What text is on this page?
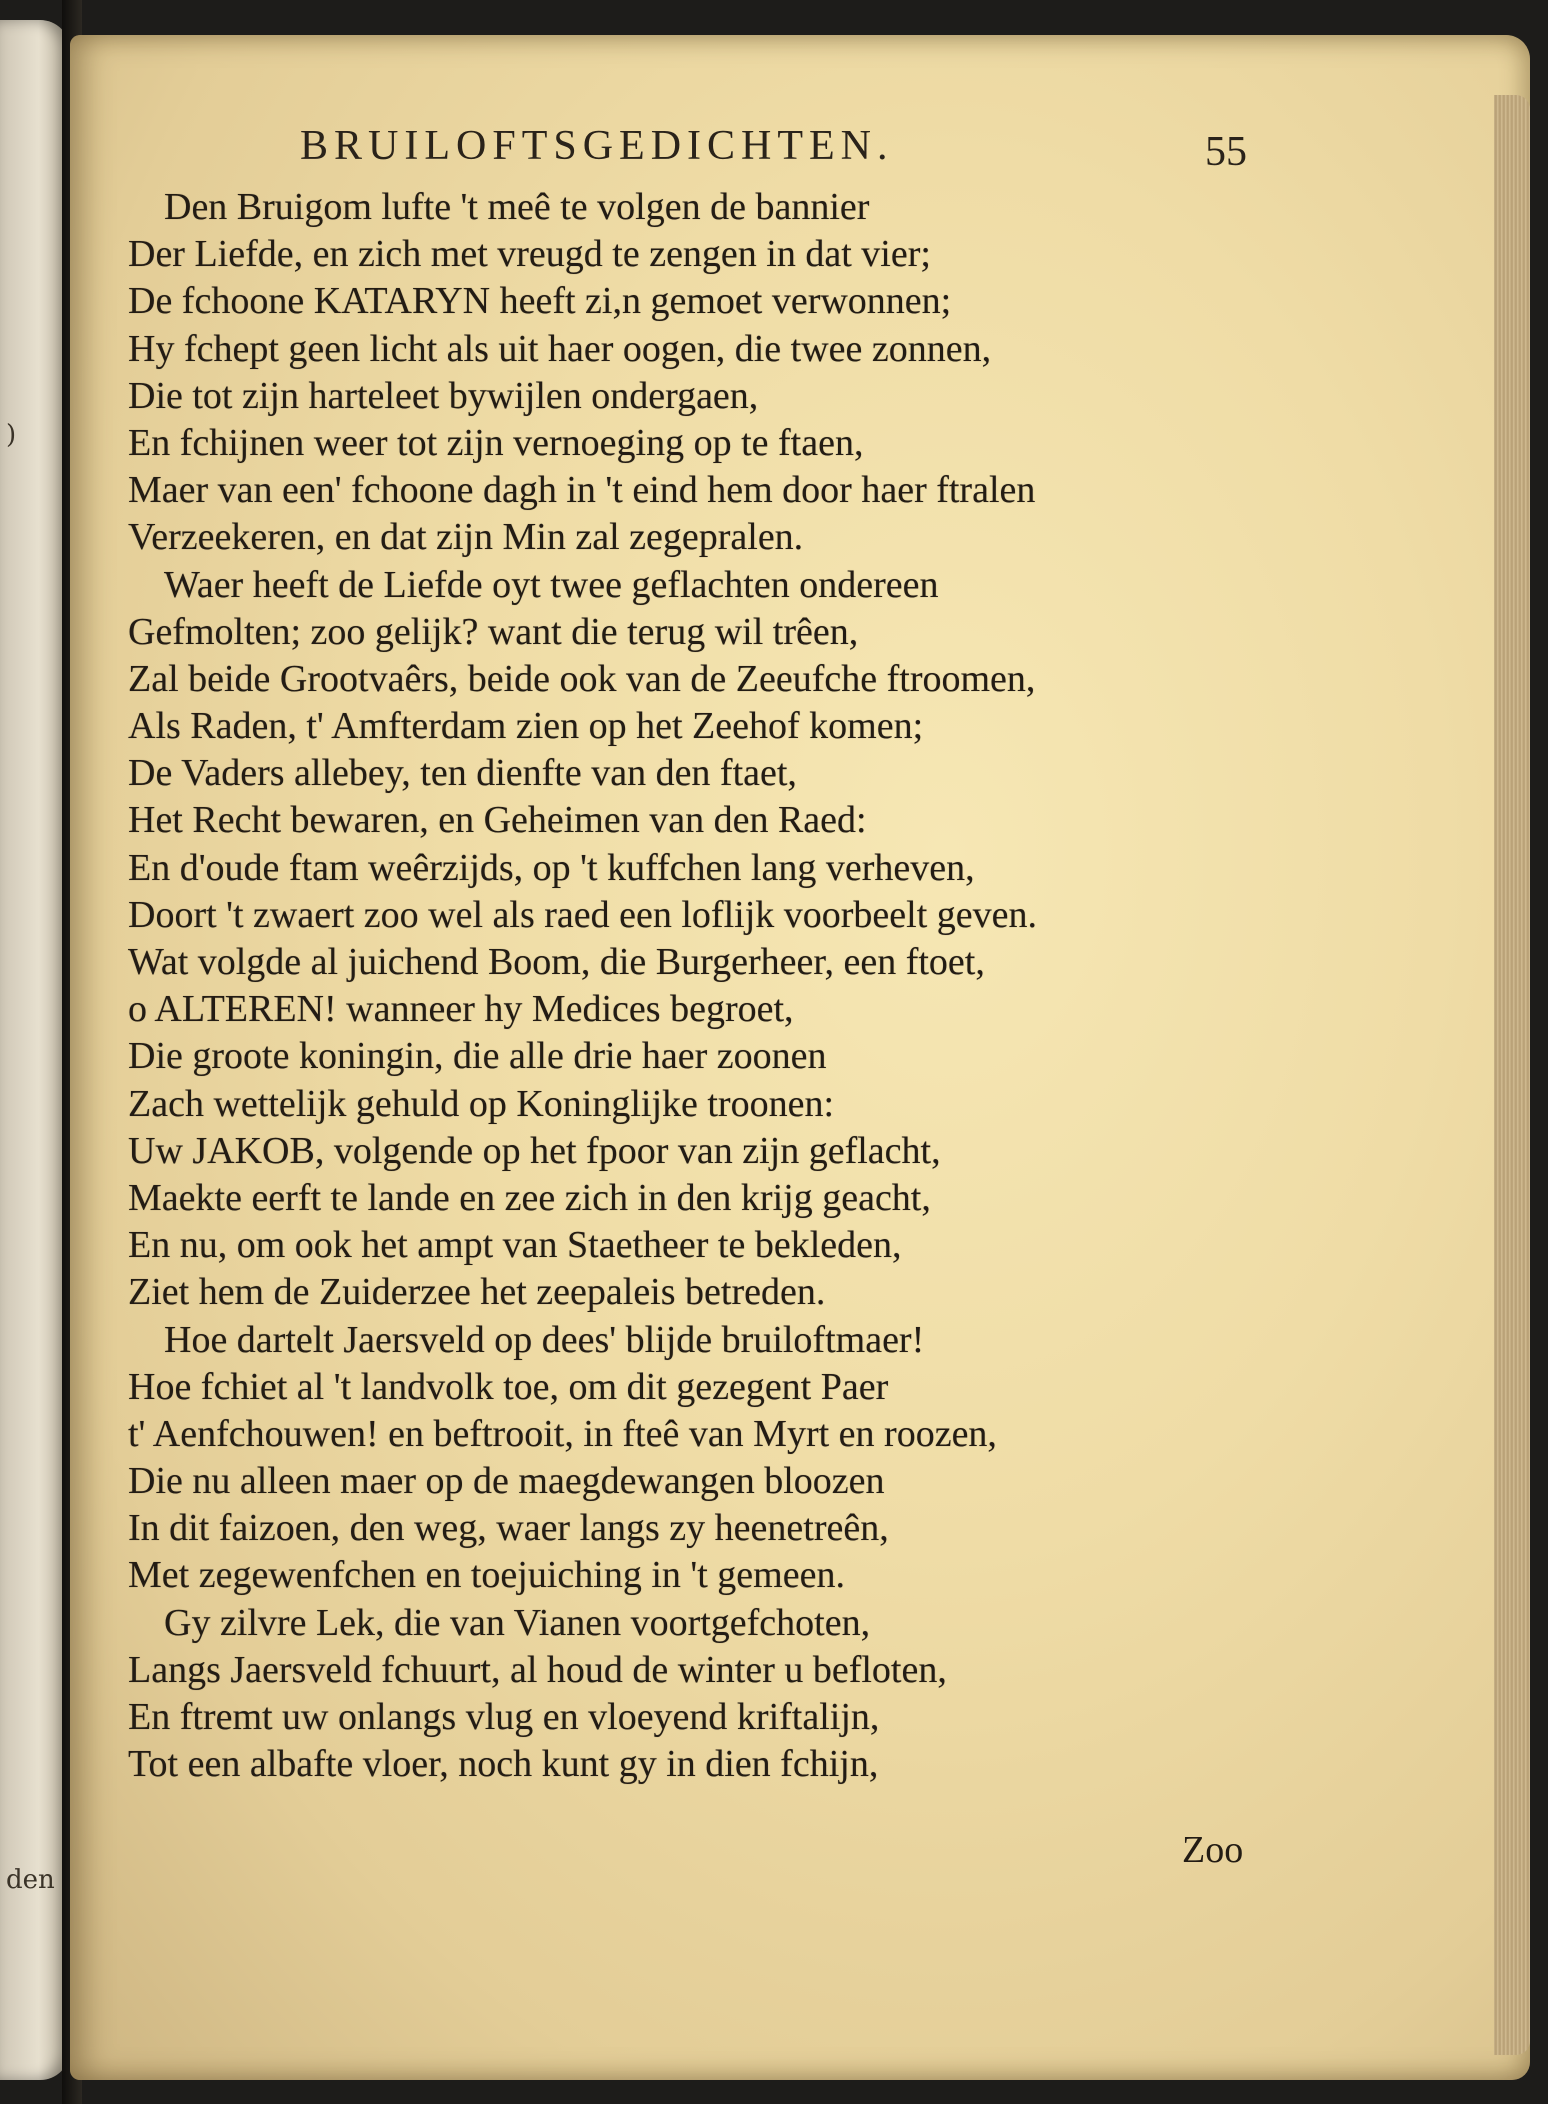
)
den
BRUILOFTSGEDICHTEN.	55
Den Bruigom lufte 't meê te volgen de bannier
Der Liefde, en zich met vreugd te zengen in dat vier;
De fchoone KATARYN heeft zi,n gemoet verwonnen;
Hy fchept geen licht als uit haer oogen, die twee zonnen,
Die tot zijn harteleet bywijlen ondergaen,
En fchijnen weer tot zijn vernoeging op te ftaen,
Maer van een' fchoone dagh in 't eind hem door haer ftralen
Verzeekeren, en dat zijn Min zal zegepralen.
Waer heeft de Liefde oyt twee geflachten ondereen
Gefmolten; zoo gelijk? want die terug wil trêen,
Zal beide Grootvaêrs, beide ook van de Zeeufche ftroomen,
Als Raden, t' Amfterdam zien op het Zeehof komen;
De Vaders allebey, ten dienfte van den ftaet,
Het Recht bewaren, en Geheimen van den Raed:
En d'oude ftam weêrzijds, op 't kuffchen lang verheven,
Doort 't zwaert zoo wel als raed een loflijk voorbeelt geven.
Wat volgde al juichend Boom, die Burgerheer, een ftoet,
o ALTEREN! wanneer hy Medices begroet,
Die groote koningin, die alle drie haer zoonen
Zach wettelijk gehuld op Koninglijke troonen:
Uw JAKOB, volgende op het fpoor van zijn geflacht,
Maekte eerft te lande en zee zich in den krijg geacht,
En nu, om ook het ampt van Staetheer te bekleden,
Ziet hem de Zuiderzee het zeepaleis betreden.
Hoe dartelt Jaersveld op dees' blijde bruiloftmaer!
Hoe fchiet al 't landvolk toe, om dit gezegent Paer
t' Aenfchouwen! en beftrooit, in fteê van Myrt en roozen,
Die nu alleen maer op de maegdewangen bloozen
In dit faizoen, den weg, waer langs zy heenetreên,
Met zegewenfchen en toejuiching in 't gemeen.
Gy zilvre Lek, die van Vianen voortgefchoten,
Langs Jaersveld fchuurt, al houd de winter u befloten,
En ftremt uw onlangs vlug en vloeyend kriftalijn,
Tot een albafte vloer, noch kunt gy in dien fchijn,
Zoo
